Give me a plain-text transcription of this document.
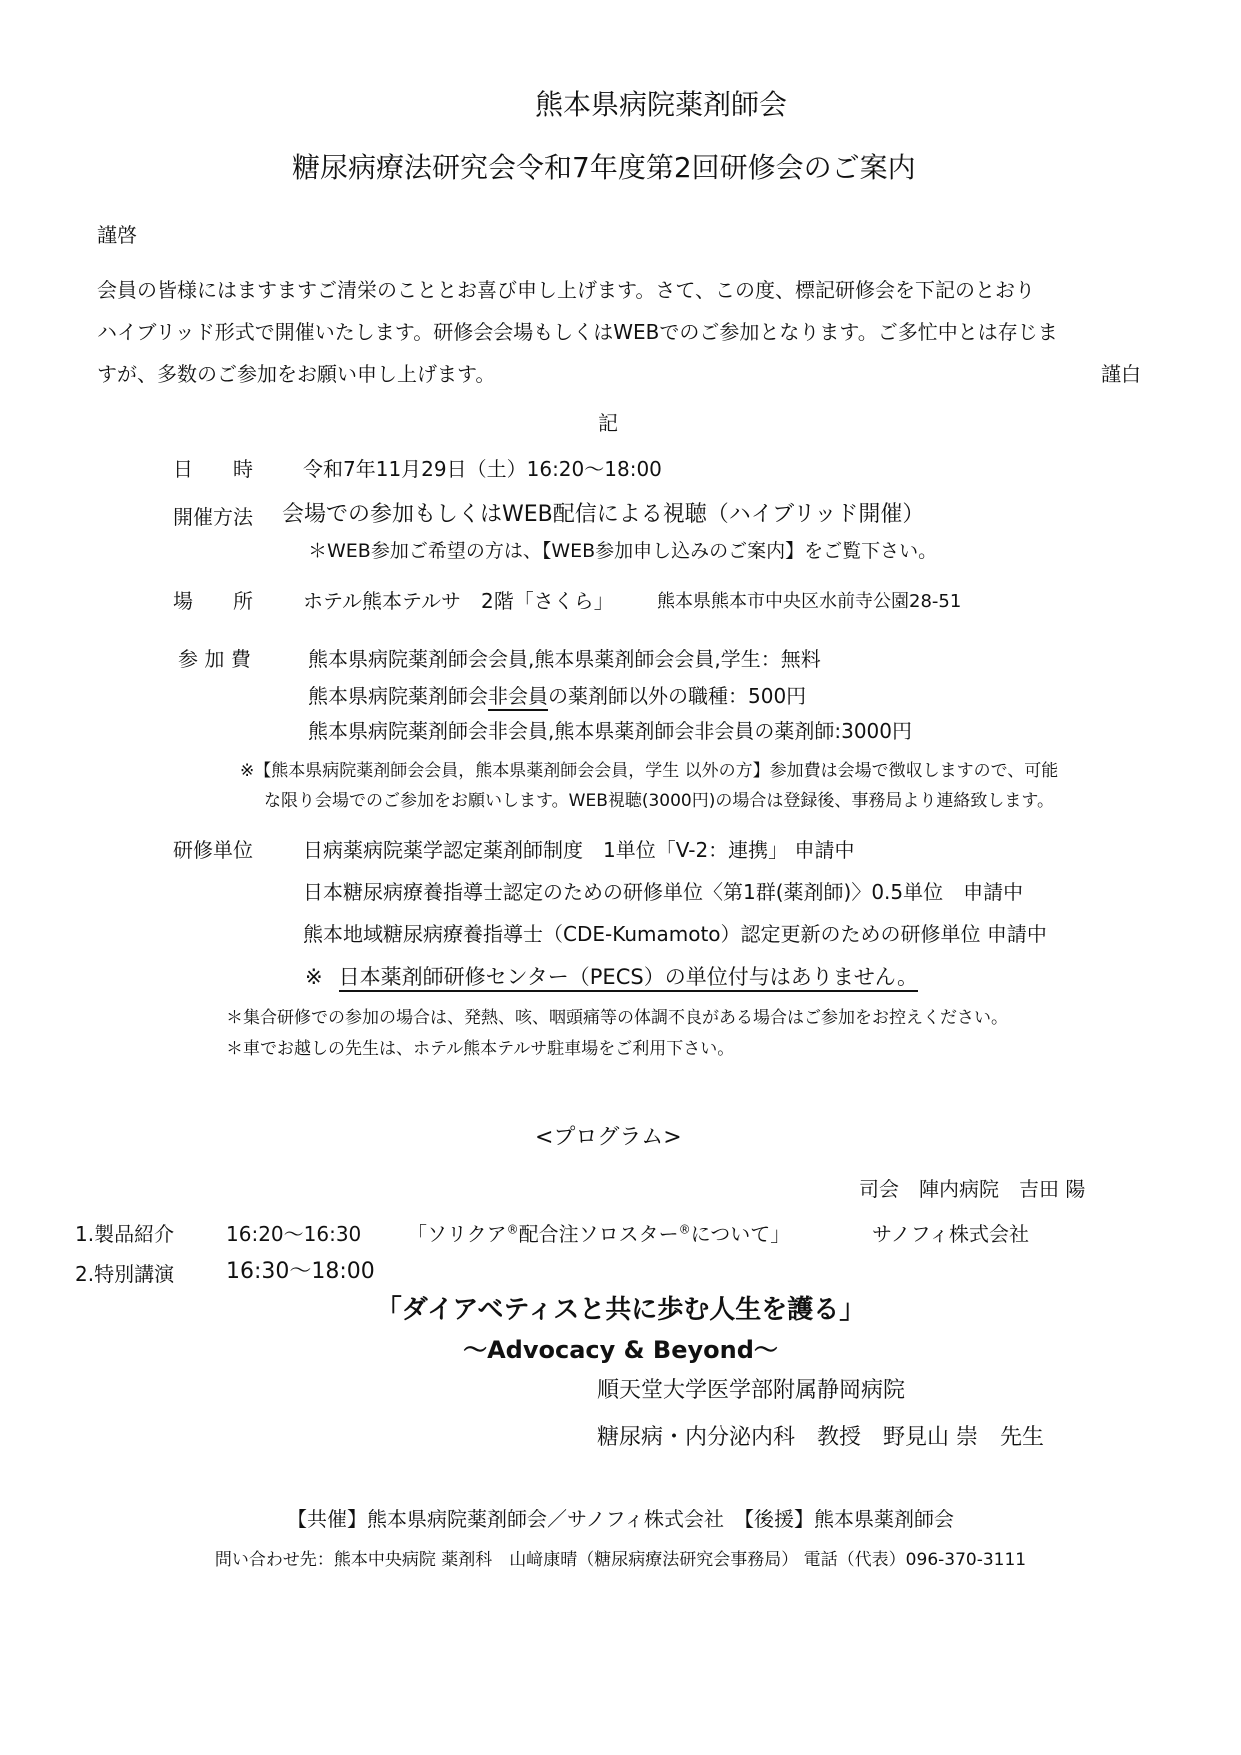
熊本県病院薬剤師会
糖尿病療法研究会令和7年度第2回研修会のご案内
謹啓
会員の皆様にはますますご清栄のこととお喜び申し上げます。さて、この度、標記研修会を下記のとおり
ハイブリッド形式で開催いたします。研修会会場もしくはWEBでのご参加となります。ご多忙中とは存じま
すが、多数のご参加をお願い申し上げます。	謹白
記
日　　時	令和7年11月29日（土）16:20～18:00
開催方法 会場での参加もしくはWEB配信による視聴（ハイブリッド開催）
＊WEB参加ご希望の方は、【WEB参加申し込みのご案内】をご覧下さい。
場　　所	ホテル熊本テルサ　2階「さくら」 熊本県熊本市中央区水前寺公園28-51
参 加 費	熊本県病院薬剤師会会員,熊本県薬剤師会会員,学生：無料
熊本県病院薬剤師会非会員の薬剤師以外の職種：500円
熊本県病院薬剤師会非会員,熊本県薬剤師会非会員の薬剤師:3000円
※【熊本県病院薬剤師会会員，熊本県薬剤師会会員，学生 以外の方】参加費は会場で徴収しますので、可能
な限り会場でのご参加をお願いします。WEB視聴(3000円)の場合は登録後、事務局より連絡致します。
研修単位	日病薬病院薬学認定薬剤師制度　1単位「V-2：連携」 申請中
日本糖尿病療養指導士認定のための研修単位〈第1群(薬剤師)〉0.5単位　申請中
熊本地域糖尿病療養指導士（CDE-Kumamoto）認定更新のための研修単位 申請中
※ 日本薬剤師研修センター（PECS）の単位付与はありません。
＊集合研修での参加の場合は、発熱、咳、咽頭痛等の体調不良がある場合はご参加をお控えください。
＊車でお越しの先生は、ホテル熊本テルサ駐車場をご利用下さい。
<プログラム>
司会　陣内病院　吉田 陽
1.製品紹介	16:20～16:30 「ソリクア®配合注ソロスター®について」	サノフィ株式会社
2.特別講演 16:30～18:00
「ダイアベティスと共に歩む人生を護る」
～Advocacy & Beyond～
順天堂大学医学部附属静岡病院
糖尿病・内分泌内科　教授　野見山 崇　先生
【共催】熊本県病院薬剤師会／サノフィ株式会社　【後援】熊本県薬剤師会
問い合わせ先：熊本中央病院 薬剤科　山﨑康晴（糖尿病療法研究会事務局） 電話（代表）096-370-3111
